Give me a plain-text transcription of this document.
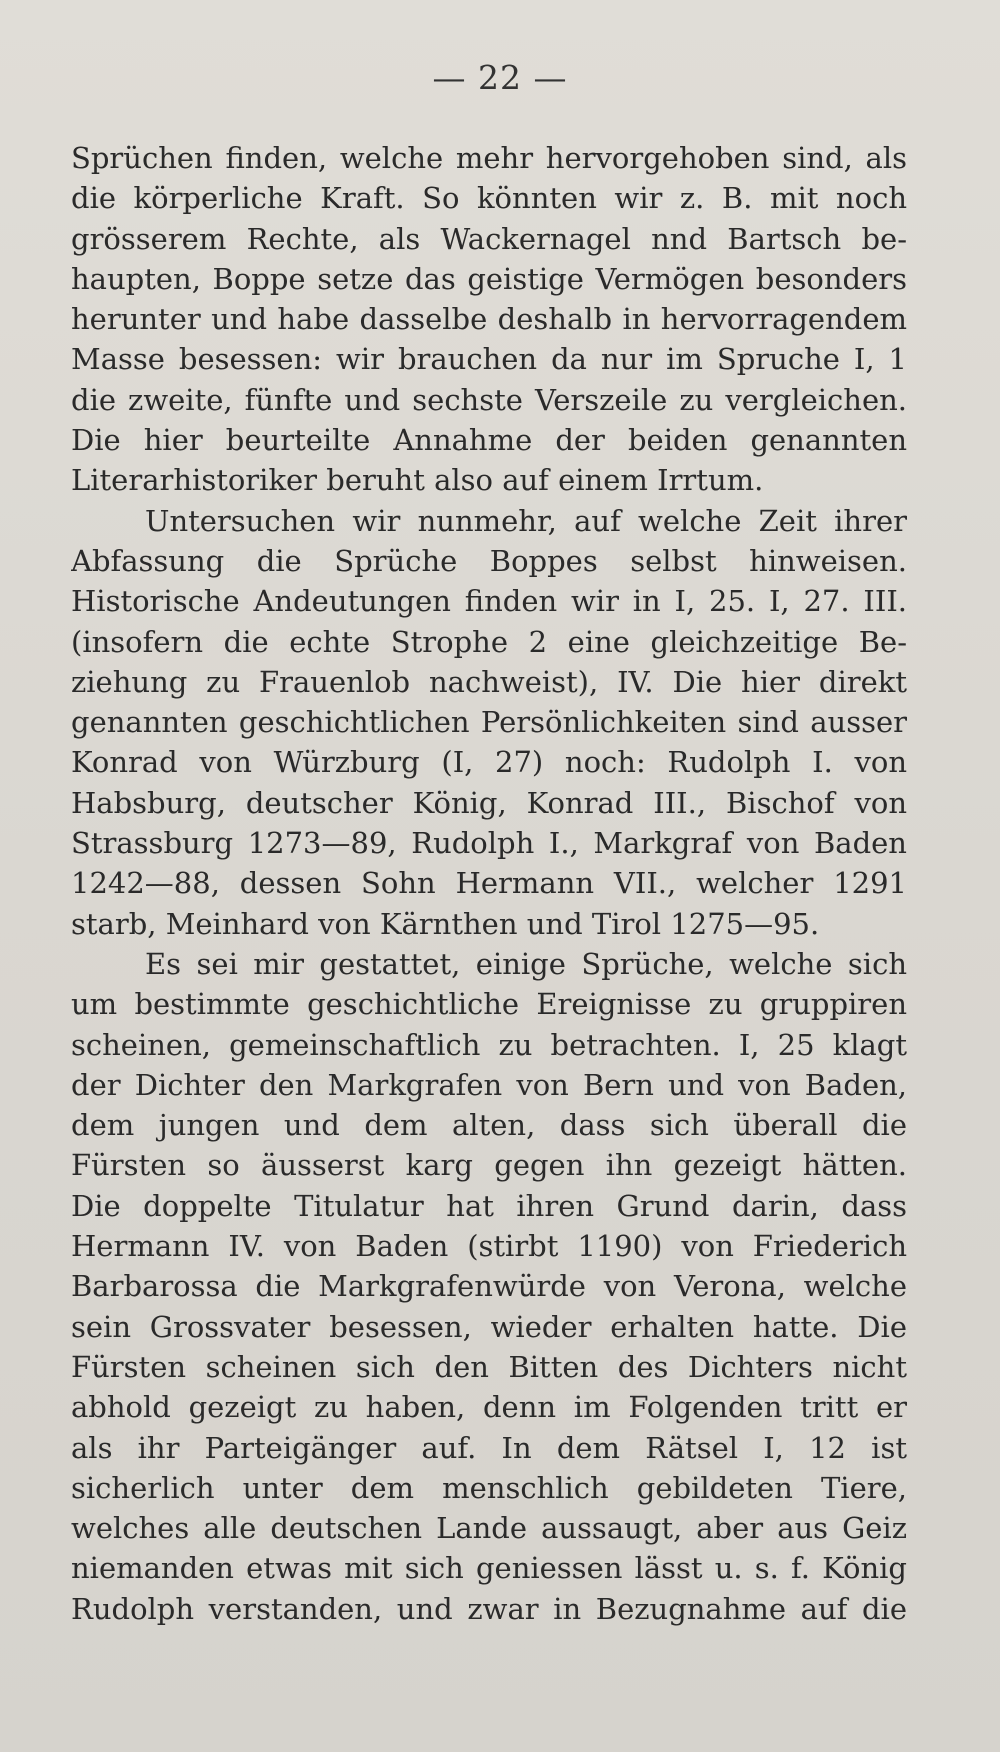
— 22 —
Sprüchen finden, welche mehr hervorgehoben sind, als
die körperliche Kraft. So könnten wir z. B. mit noch
grösserem Rechte, als Wackernagel nnd Bartsch be-
haupten, Boppe setze das geistige Vermögen besonders
herunter und habe dasselbe deshalb in hervorragendem
Masse besessen: wir brauchen da nur im Spruche I, 1
die zweite, fünfte und sechste Verszeile zu vergleichen.
Die hier beurteilte Annahme der beiden genannten
Literarhistoriker beruht also auf einem Irrtum.
Untersuchen wir nunmehr, auf welche Zeit ihrer
Abfassung die Sprüche Boppes selbst hinweisen.
Historische Andeutungen finden wir in I, 25. I, 27. III.
(insofern die echte Strophe 2 eine gleichzeitige Be-
ziehung zu Frauenlob nachweist), IV. Die hier direkt
genannten geschichtlichen Persönlichkeiten sind ausser
Konrad von Würzburg (I, 27) noch: Rudolph I. von
Habsburg, deutscher König, Konrad III., Bischof von
Strassburg 1273—89, Rudolph I., Markgraf von Baden
1242—88, dessen Sohn Hermann VII., welcher 1291
starb, Meinhard von Kärnthen und Tirol 1275—95.
Es sei mir gestattet, einige Sprüche, welche sich
um bestimmte geschichtliche Ereignisse zu gruppiren
scheinen, gemeinschaftlich zu betrachten. I, 25 klagt
der Dichter den Markgrafen von Bern und von Baden,
dem jungen und dem alten, dass sich überall die
Fürsten so äusserst karg gegen ihn gezeigt hätten.
Die doppelte Titulatur hat ihren Grund darin, dass
Hermann IV. von Baden (stirbt 1190) von Friederich
Barbarossa die Markgrafenwürde von Verona, welche
sein Grossvater besessen, wieder erhalten hatte. Die
Fürsten scheinen sich den Bitten des Dichters nicht
abhold gezeigt zu haben, denn im Folgenden tritt er
als ihr Parteigänger auf. In dem Rätsel I, 12 ist
sicherlich unter dem menschlich gebildeten Tiere,
welches alle deutschen Lande aussaugt, aber aus Geiz
niemanden etwas mit sich geniessen lässt u. s. f. König
Rudolph verstanden, und zwar in Bezugnahme auf die
